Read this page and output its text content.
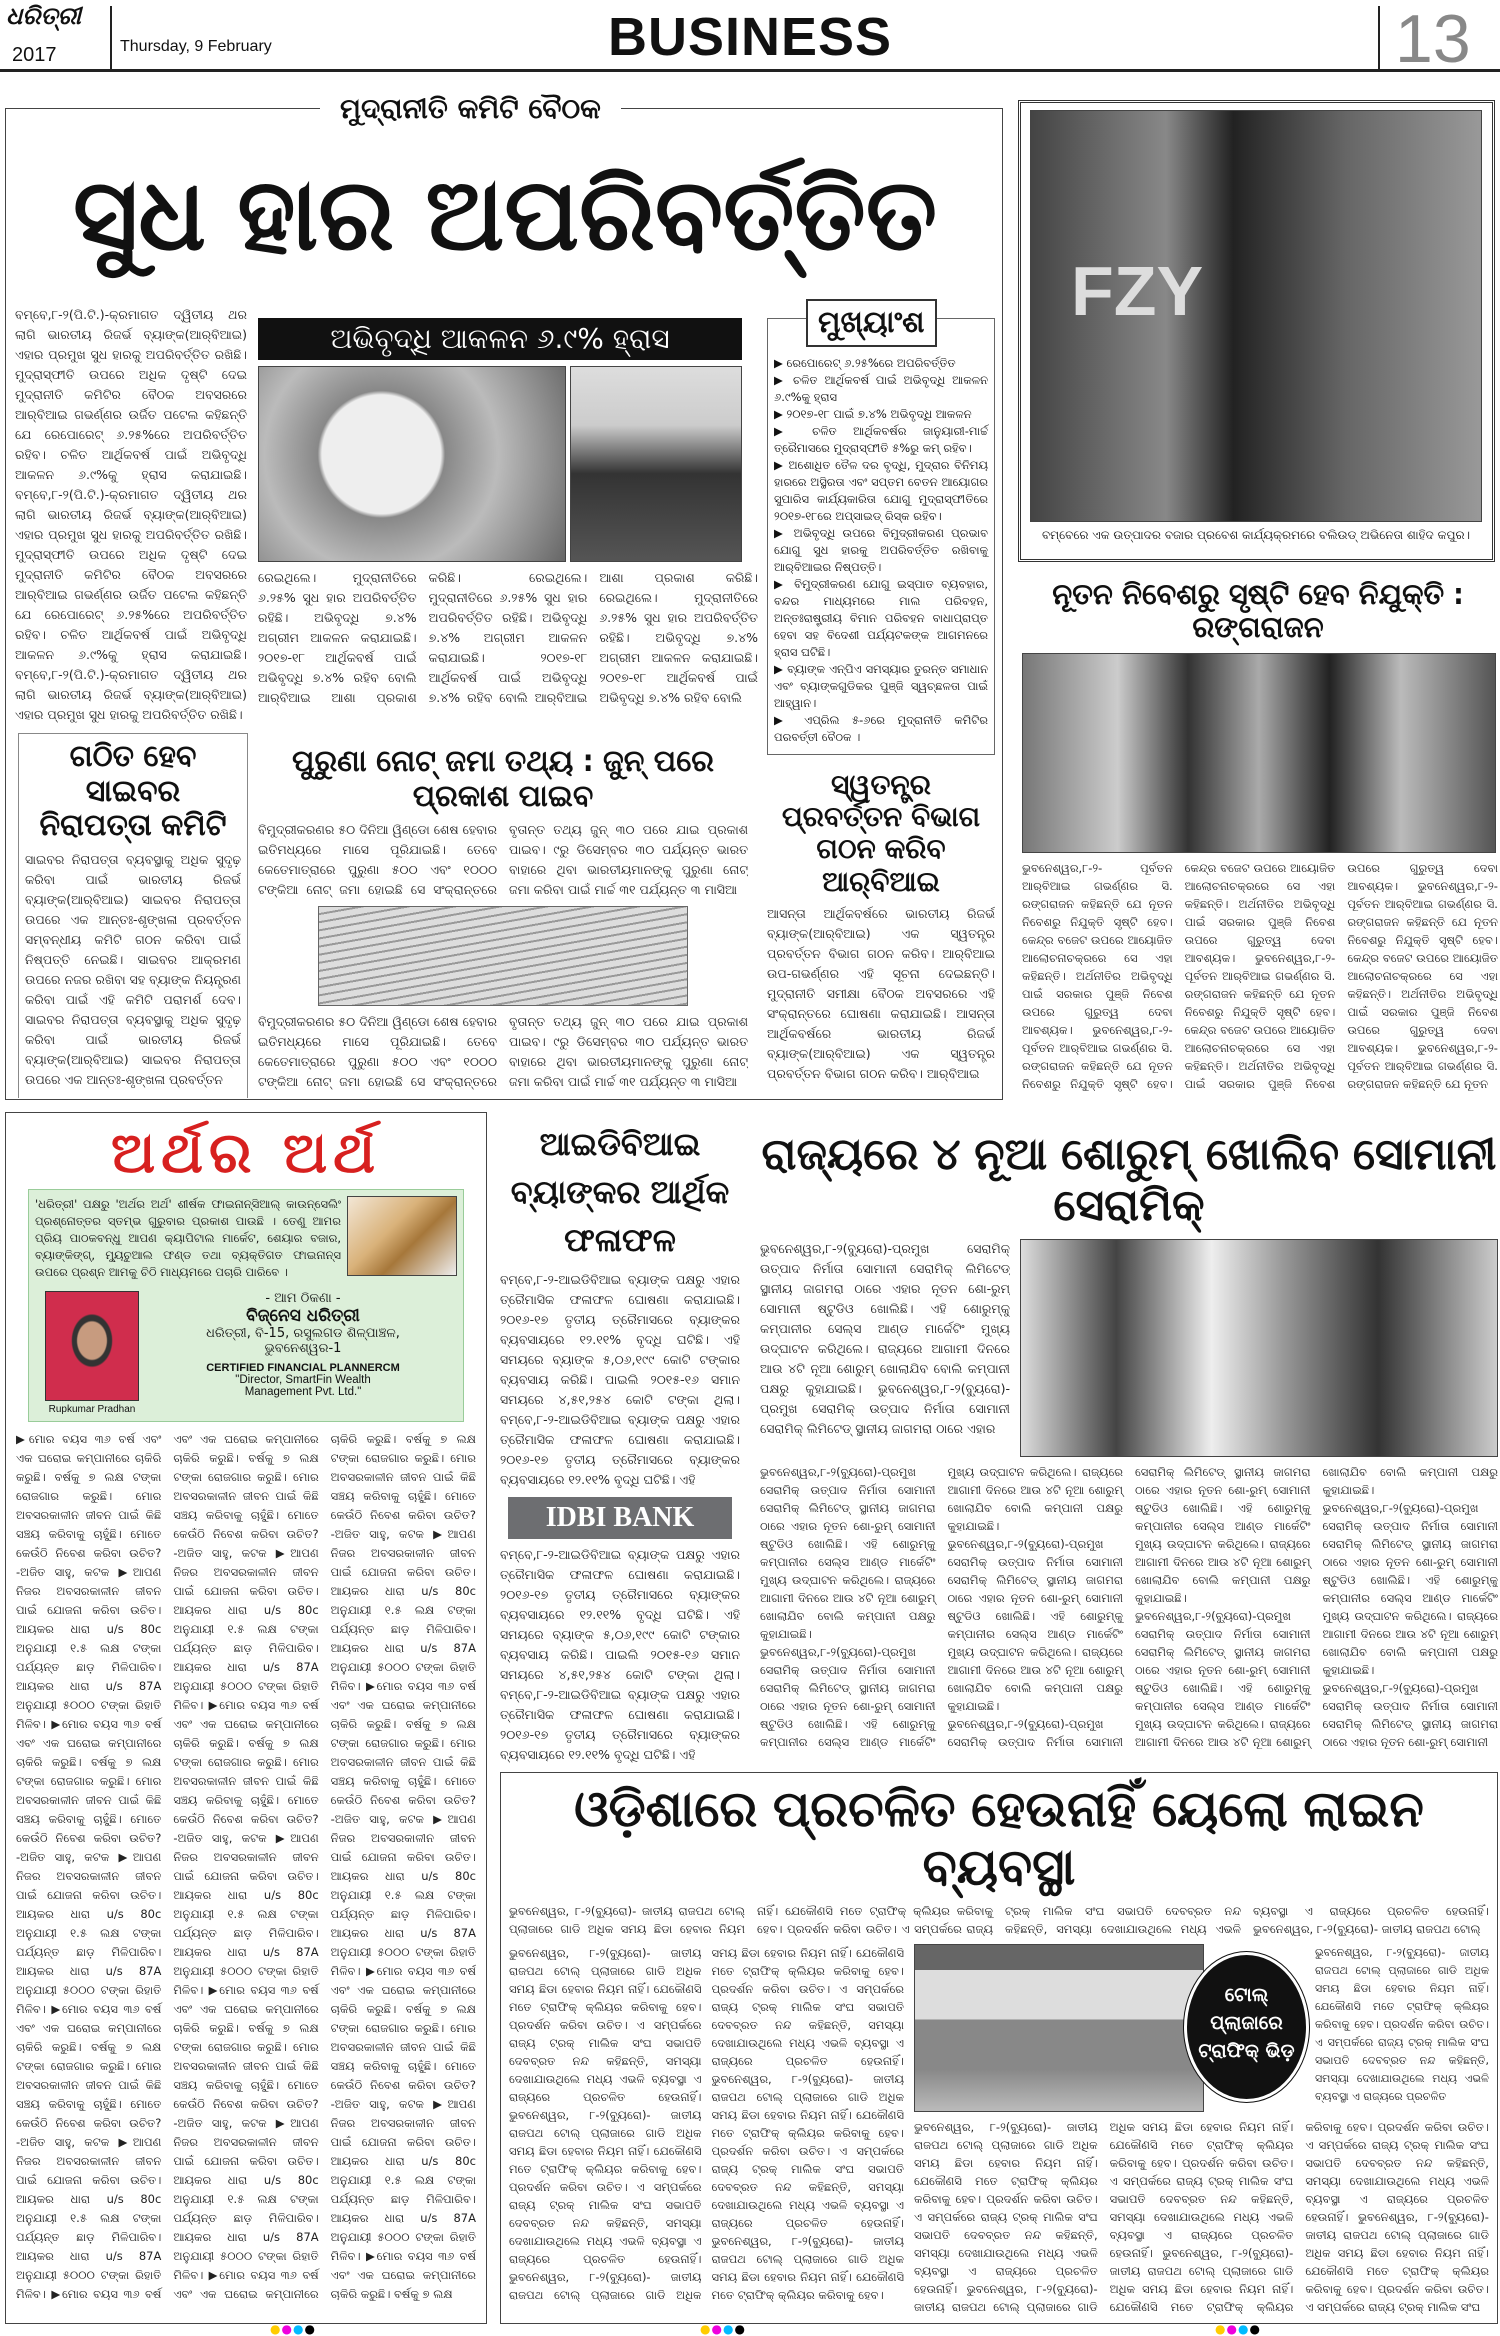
ଧରିତ୍ରୀ
2017	Thursday, 9 February	BUSINESS	13
ମୁଦ୍ରାନୀତି କମିଟି ବୈଠକ
ସୁଧ ହାର ଅପରିବର୍ତ୍ତିତ
ବମ୍ବେ,୮-୨(ପି.ଟି.)-କ୍ରମାଗତ ଦ୍ୱିତୀୟ ଥର ଲାଗି ଭାରତୀୟ ରିଜର୍ଭ ବ୍ୟାଙ୍କ(ଆର୍‌ବିଆଇ) ଏହାର ପ୍ରମୁଖ ସୁଧ ହାରକୁ ଅପରିବର୍ତ୍ତିତ ରଖିଛି। ମୁଦ୍ରାସ୍ଫୀତି ଉପରେ ଅଧିକ ଦୃଷ୍ଟି ଦେଇ ମୁଦ୍ରାନୀତି କମିଟିର ବୈଠକ ଅବସରରେ ଆର୍‌ବିଆଇ ଗଭର୍ଣ୍ଣର ଉର୍ଜିତ ପଟେଲ କହିଛନ୍ତି ଯେ ରେପୋରେଟ୍ ୬.୨୫%ରେ ଅପରିବର୍ତ୍ତିତ ରହିବ। ଚଳିତ ଆର୍ଥିକବର୍ଷ ପାଇଁ ଅଭିବୃଦ୍ଧି ଆକଳନ ୬.୯%କୁ ହ୍ରାସ କରାଯାଇଛି। ବମ୍ବେ,୮-୨(ପି.ଟି.)-କ୍ରମାଗତ ଦ୍ୱିତୀୟ ଥର ଲାଗି ଭାରତୀୟ ରିଜର୍ଭ ବ୍ୟାଙ୍କ(ଆର୍‌ବିଆଇ) ଏହାର ପ୍ରମୁଖ ସୁଧ ହାରକୁ ଅପରିବର୍ତ୍ତିତ ରଖିଛି। ମୁଦ୍ରାସ୍ଫୀତି ଉପରେ ଅଧିକ ଦୃଷ୍ଟି ଦେଇ ମୁଦ୍ରାନୀତି କମିଟିର ବୈଠକ ଅବସରରେ ଆର୍‌ବିଆଇ ଗଭର୍ଣ୍ଣର ଉର୍ଜିତ ପଟେଲ କହିଛନ୍ତି ଯେ ରେପୋରେଟ୍ ୬.୨୫%ରେ ଅପରିବର୍ତ୍ତିତ ରହିବ। ଚଳିତ ଆର୍ଥିକବର୍ଷ ପାଇଁ ଅଭିବୃଦ୍ଧି ଆକଳନ ୬.୯%କୁ ହ୍ରାସ କରାଯାଇଛି। ବମ୍ବେ,୮-୨(ପି.ଟି.)-କ୍ରମାଗତ ଦ୍ୱିତୀୟ ଥର ଲାଗି ଭାରତୀୟ ରିଜର୍ଭ ବ୍ୟାଙ୍କ(ଆର୍‌ବିଆଇ) ଏହାର ପ୍ରମୁଖ ସୁଧ ହାରକୁ ଅପରିବର୍ତ୍ତିତ ରଖିଛି।
ଅଭିବୃଦ୍ଧି ଆକଳନ ୬.୯% ହ୍ରାସ
ରେଇଥିଲେ। ମୁଦ୍ରାନୀତିରେ ୬.୨୫% ସୁଧ ହାର ଅପରିବର୍ତ୍ତିତ ରହିଛି। ଅଭିବୃଦ୍ଧି ୭.୪% ଅଗ୍ରୀମ ଆକଳନ କରାଯାଇଛି। ୨୦୧୭-୧୮ ଆର୍ଥିକବର୍ଷ ପାଇଁ ଅଭିବୃଦ୍ଧି ୭.୪% ରହିବ ବୋଲି ଆର୍‌ବିଆଇ ଆଶା ପ୍ରକାଶ କରିଛି। ରେଇଥିଲେ। ମୁଦ୍ରାନୀତିରେ ୬.୨୫% ସୁଧ ହାର ଅପରିବର୍ତ୍ତିତ ରହିଛି। ଅଭିବୃଦ୍ଧି ୭.୪% ଅଗ୍ରୀମ ଆକଳନ କରାଯାଇଛି। ୨୦୧୭-୧୮ ଆର୍ଥିକବର୍ଷ ପାଇଁ ଅଭିବୃଦ୍ଧି ୭.୪% ରହିବ ବୋଲି ଆର୍‌ବିଆଇ ଆଶା ପ୍ରକାଶ କରିଛି। ରେଇଥିଲେ। ମୁଦ୍ରାନୀତିରେ ୬.୨୫% ସୁଧ ହାର ଅପରିବର୍ତ୍ତିତ ରହିଛି। ଅଭିବୃଦ୍ଧି ୭.୪% ଅଗ୍ରୀମ ଆକଳନ କରାଯାଇଛି। ୨୦୧୭-୧୮ ଆର୍ଥିକବର୍ଷ ପାଇଁ ଅଭିବୃଦ୍ଧି ୭.୪% ରହିବ ବୋଲି
ମୁଖ୍ୟାଂଶ
▶ ରେପୋରେଟ୍ ୬.୨୫%ରେ ଅପରିବର୍ତ୍ତିତ
▶ ଚଳିତ ଆର୍ଥିକବର୍ଷ ପାଇଁ ଅଭିବୃଦ୍ଧି ଆକଳନ ୬.୯%କୁ ହ୍ରାସ
▶ ୨୦୧୭-୧୮ ପାଇଁ ୭.୪% ଅଭିବୃଦ୍ଧି ଆକଳନ
▶ ଚଳିତ ଆର୍ଥିକବର୍ଷର ଜାନୁୟାରୀ-ମାର୍ଚ୍ଚ ତ୍ରୈମାସରେ ମୁଦ୍ରାସ୍ଫୀତି ୫%ରୁ କମ୍ ରହିବ।
▶ ଅଶୋଧିତ ତୈଳ ଦର ବୃଦ୍ଧି, ମୁଦ୍ରାର ବିନିମୟ ହାରରେ ଅସ୍ଥିରତା ଏବଂ ସପ୍ତମ ବେତନ ଆୟୋଗର ସୁପାରିସ କାର୍ଯ୍ୟକାରିତା ଯୋଗୁ ମୁଦ୍ରାସ୍ଫୀତିରେ ୨୦୧୭-୧୮ରେ ଅପ୍‌ସାଇଡ୍ ରିସ୍କ ରହିବ।
▶ ଅଭିବୃଦ୍ଧି ଉପରେ ବିମୁଦ୍ରୀକରଣ ପ୍ରଭାବ ଯୋଗୁ ସୁଧ ହାରକୁ ଅପରିବର୍ତ୍ତିତ ରଖିବାକୁ ଆର୍‌ବିଆଇର ନିଷ୍ପତ୍ତି।
▶ ବିମୁଦ୍ରୀକରଣ ଯୋଗୁ ଇସ୍ପାତ ବ୍ୟବହାର, ବନ୍ଦର ମାଧ୍ୟମରେ ମାଲ ପରିବହନ, ଅନ୍ତଃରାଷ୍ଟ୍ରୀୟ ବିମାନ ପରିବହନ ବାଧାପ୍ରାପ୍ତ ହେବା ସହ ବିଦେଶୀ ପର୍ଯ୍ୟଟକଙ୍କ ଆଗମନରେ ହ୍ରାସ ଘଟିଛି।
▶ ବ୍ୟାଙ୍କ ଏନ୍‌ପିଏ ସମସ୍ୟାର ତୁରନ୍ତ ସମାଧାନ ଏବଂ ବ୍ୟାଙ୍କଗୁଡିକର ପୁଞ୍ଜି ସ୍ୱଚ୍ଛଳତା ପାଇଁ ଆହ୍ୱାନ।
▶ ଏପ୍ରିଲ ୫-୬ରେ ମୁଦ୍ରାନୀତି କମିଟିର ପରବର୍ତ୍ତୀ ବୈଠକ ।
ସ୍ୱତନ୍ତ୍ର ପ୍ରବର୍ତ୍ତନ ବିଭାଗ ଗଠନ କରିବ ଆର୍‌ବିଆଇ
ଆସନ୍ତା ଆର୍ଥିକବର୍ଷରେ ଭାରତୀୟ ରିଜର୍ଭ ବ୍ୟାଙ୍କ(ଆର୍‌ବିଆଇ) ଏକ ସ୍ୱତନ୍ତ୍ର ପ୍ରବର୍ତ୍ତନ ବିଭାଗ ଗଠନ କରିବ। ଆର୍‌ବିଆଇ ଉପ-ଗଭର୍ଣ୍ଣର ଏହି ସୂଚନା ଦେଇଛନ୍ତି। ମୁଦ୍ରାନୀତି ସମୀକ୍ଷା ବୈଠକ ଅବସରରେ ଏହି ସଂକ୍ରାନ୍ତରେ ଘୋଷଣା କରାଯାଇଛି। ଆସନ୍ତା ଆର୍ଥିକବର୍ଷରେ ଭାରତୀୟ ରିଜର୍ଭ ବ୍ୟାଙ୍କ(ଆର୍‌ବିଆଇ) ଏକ ସ୍ୱତନ୍ତ୍ର ପ୍ରବର୍ତ୍ତନ ବିଭାଗ ଗଠନ କରିବ। ଆର୍‌ବିଆଇ
ଗଠିତ ହେବ ସାଇବର ନିରାପତ୍ତା କମିଟି
ସାଇବର ନିରାପତ୍ତା ବ୍ୟବସ୍ଥାକୁ ଅଧିକ ସୁଦୃଢ଼ କରିବା ପାଇଁ ଭାରତୀୟ ରିଜର୍ଭ ବ୍ୟାଙ୍କ(ଆର୍‌ବିଆଇ) ସାଇବର ନିରାପତ୍ତା ଉପରେ ଏକ ଆନ୍ତଃ-ଶୃଙ୍ଖଳା ପ୍ରବର୍ତ୍ତନ ସମ୍ବନ୍ଧୀୟ କମିଟି ଗଠନ କରିବା ପାଇଁ ନିଷ୍ପତ୍ତି ନେଇଛି। ସାଇବର ଆକ୍ରମଣ ଉପରେ ନଜର ରଖିବା ସହ ବ୍ୟାଙ୍କ ନିୟନ୍ତ୍ରଣ କରିବା ପାଇଁ ଏହି କମିଟି ପରାମର୍ଶ ଦେବ। ସାଇବର ନିରାପତ୍ତା ବ୍ୟବସ୍ଥାକୁ ଅଧିକ ସୁଦୃଢ଼ କରିବା ପାଇଁ ଭାରତୀୟ ରିଜର୍ଭ ବ୍ୟାଙ୍କ(ଆର୍‌ବିଆଇ) ସାଇବର ନିରାପତ୍ତା ଉପରେ ଏକ ଆନ୍ତଃ-ଶୃଙ୍ଖଳା ପ୍ରବର୍ତ୍ତନ
ପୁରୁଣା ନୋଟ୍ ଜମା ତଥ୍ୟ : ଜୁନ୍ ପରେ ପ୍ରକାଶ ପାଇବ
ବିମୁଦ୍ରୀକରଣର ୫୦ ଦିନିଆ ୱିଣ୍ଡୋ ଶେଷ ହେବାର ଇତିମଧ୍ୟରେ ମାସେ ପୂରିଯାଇଛି। ତେବେ କେତେମାତ୍ରାରେ ପୁରୁଣା ୫୦୦ ଏବଂ ୧୦୦୦ ଟଙ୍କିଆ ନୋଟ୍ ଜମା ହୋଇଛି ସେ ସଂକ୍ରାନ୍ତରେ ବୃତାନ୍ତ ତଥ୍ୟ ଜୁନ୍ ୩୦ ପରେ ଯାଇ ପ୍ରକାଶ ପାଇବ। ୯ରୁ ଡିସେମ୍ବର ୩୦ ପର୍ଯ୍ୟନ୍ତ ଭାରତ ବାହାରେ ଥିବା ଭାରତୀୟମାନଙ୍କୁ ପୁରୁଣା ନୋଟ୍ ଜମା କରିବା ପାଇଁ ମାର୍ଚ୍ଚ ୩୧ ପର୍ଯ୍ୟନ୍ତ ୩ ମାସିଆ
ବିମୁଦ୍ରୀକରଣର ୫୦ ଦିନିଆ ୱିଣ୍ଡୋ ଶେଷ ହେବାର ଇତିମଧ୍ୟରେ ମାସେ ପୂରିଯାଇଛି। ତେବେ କେତେମାତ୍ରାରେ ପୁରୁଣା ୫୦୦ ଏବଂ ୧୦୦୦ ଟଙ୍କିଆ ନୋଟ୍ ଜମା ହୋଇଛି ସେ ସଂକ୍ରାନ୍ତରେ ବୃତାନ୍ତ ତଥ୍ୟ ଜୁନ୍ ୩୦ ପରେ ଯାଇ ପ୍ରକାଶ ପାଇବ। ୯ରୁ ଡିସେମ୍ବର ୩୦ ପର୍ଯ୍ୟନ୍ତ ଭାରତ ବାହାରେ ଥିବା ଭାରତୀୟମାନଙ୍କୁ ପୁରୁଣା ନୋଟ୍ ଜମା କରିବା ପାଇଁ ମାର୍ଚ୍ଚ ୩୧ ପର୍ଯ୍ୟନ୍ତ ୩ ମାସିଆ
FZY
ବମ୍ବେରେ ଏକ ଉତ୍ପାଦର ବଜାର ପ୍ରବେଶ କାର୍ଯ୍ୟକ୍ରମରେ ବଲିଉଡ୍ ଅଭିନେତା ଶାହିଦ କପୁର।
ନୂତନ ନିବେଶରୁ ସୃଷ୍ଟି ହେବ ନିଯୁକ୍ତି : ରଙ୍ଗରାଜନ
ଭୁବନେଶ୍ୱର,୮-୨- ପୂର୍ବତନ ଆର୍‌ବିଆଇ ଗଭର୍ଣ୍ଣର ସି. ରଙ୍ଗରାଜନ କହିଛନ୍ତି ଯେ ନୂତନ ନିବେଶରୁ ନିଯୁକ୍ତି ସୃଷ୍ଟି ହେବ। କେନ୍ଦ୍ର ବଜେଟ ଉପରେ ଆୟୋଜିତ ଆଲୋଚନାଚକ୍ରରେ ସେ ଏହା କହିଛନ୍ତି। ଅର୍ଥନୀତିର ଅଭିବୃଦ୍ଧି ପାଇଁ ସରକାର ପୁଞ୍ଜି ନିବେଶ ଉପରେ ଗୁରୁତ୍ୱ ଦେବା ଆବଶ୍ୟକ। ଭୁବନେଶ୍ୱର,୮-୨- ପୂର୍ବତନ ଆର୍‌ବିଆଇ ଗଭର୍ଣ୍ଣର ସି. ରଙ୍ଗରାଜନ କହିଛନ୍ତି ଯେ ନୂତନ ନିବେଶରୁ ନିଯୁକ୍ତି ସୃଷ୍ଟି ହେବ। କେନ୍ଦ୍ର ବଜେଟ ଉପରେ ଆୟୋଜିତ ଆଲୋଚନାଚକ୍ରରେ ସେ ଏହା କହିଛନ୍ତି। ଅର୍ଥନୀତିର ଅଭିବୃଦ୍ଧି ପାଇଁ ସରକାର ପୁଞ୍ଜି ନିବେଶ ଉପରେ ଗୁରୁତ୍ୱ ଦେବା ଆବଶ୍ୟକ। ଭୁବନେଶ୍ୱର,୮-୨- ପୂର୍ବତନ ଆର୍‌ବିଆଇ ଗଭର୍ଣ୍ଣର ସି. ରଙ୍ଗରାଜନ କହିଛନ୍ତି ଯେ ନୂତନ ନିବେଶରୁ ନିଯୁକ୍ତି ସୃଷ୍ଟି ହେବ। କେନ୍ଦ୍ର ବଜେଟ ଉପରେ ଆୟୋଜିତ ଆଲୋଚନାଚକ୍ରରେ ସେ ଏହା କହିଛନ୍ତି। ଅର୍ଥନୀତିର ଅଭିବୃଦ୍ଧି ପାଇଁ ସରକାର ପୁଞ୍ଜି ନିବେଶ ଉପରେ ଗୁରୁତ୍ୱ ଦେବା ଆବଶ୍ୟକ। ଭୁବନେଶ୍ୱର,୮-୨- ପୂର୍ବତନ ଆର୍‌ବିଆଇ ଗଭର୍ଣ୍ଣର ସି. ରଙ୍ଗରାଜନ କହିଛନ୍ତି ଯେ ନୂତନ ନିବେଶରୁ ନିଯୁକ୍ତି ସୃଷ୍ଟି ହେବ। କେନ୍ଦ୍ର ବଜେଟ ଉପରେ ଆୟୋଜିତ ଆଲୋଚନାଚକ୍ରରେ ସେ ଏହା କହିଛନ୍ତି। ଅର୍ଥନୀତିର ଅଭିବୃଦ୍ଧି ପାଇଁ ସରକାର ପୁଞ୍ଜି ନିବେଶ ଉପରେ ଗୁରୁତ୍ୱ ଦେବା ଆବଶ୍ୟକ। ଭୁବନେଶ୍ୱର,୮-୨- ପୂର୍ବତନ ଆର୍‌ବିଆଇ ଗଭର୍ଣ୍ଣର ସି. ରଙ୍ଗରାଜନ କହିଛନ୍ତି ଯେ ନୂତନ
ଅର୍ଥର ଅର୍ଥ
'ଧରିତ୍ରୀ' ପକ୍ଷରୁ 'ଅର୍ଥର ଅର୍ଥ' ଶୀର୍ଷକ ଫାଇନାନ୍ସିଆଲ୍ କାଉନ୍‌ସେଲିଂ ପ୍ରଶ୍ନୋତ୍ତର ସ୍ତମ୍ଭ ଗୁରୁବାର ପ୍ରକାଶ ପାଉଛି । ତେଣୁ ଆମର ପ୍ରିୟ ପାଠକବନ୍ଧୁ ଆପଣ କ୍ୟାପିଟାଲ ମାର୍କେଟ, ଶେୟାର ବଜାର, ବ୍ୟାଙ୍କିଙ୍ଗ୍, ମ୍ୟୁଚୁଆଲ ଫଣ୍ଡ ତଥା ବ୍ୟକ୍ତିଗତ ଫାଇନାନ୍ସ ଉପରେ ପ୍ରଶ୍ନ ଆମକୁ ଚିଠି ମାଧ୍ୟମରେ ପଚାରି ପାରିବେ ।
Rupkumar Pradhan
- ଆମ ଠିକଣା -
ବିଜ୍‌ନେସ ଧରିତ୍ରୀ
ଧରିତ୍ରୀ, ବି-15, ରସୁଲଗଡ ଶିଳ୍ପାଞ୍ଚଳ,
ଭୁବନେଶ୍ୱର-1
CERTIFIED FINANCIAL PLANNERCM
"Director, SmartFin Wealth
Management Pvt. Ltd."
▶ମୋର ବୟସ ୩୬ ବର୍ଷ ଏବଂ ଏକ ଘରୋଇ କମ୍ପାନୀରେ ଚାକିରି କରୁଛି। ବର୍ଷକୁ ୭ ଲକ୍ଷ ଟଙ୍କା ରୋଜଗାର କରୁଛି। ମୋର ଅବସରକାଳୀନ ଜୀବନ ପାଇଁ କିଛି ସଞ୍ଚୟ କରିବାକୁ ଚାହୁଁଛି। ମୋତେ କେଉଁଠି ନିବେଶ କରିବା ଉଚିତ? -ଅଜିତ ସାହୁ, କଟକ ▶ଆପଣ ନିଜର ଅବସରକାଳୀନ ଜୀବନ ପାଇଁ ଯୋଜନା କରିବା ଉଚିତ। ଆୟକର ଧାରା u/s 80c ଅନୁଯାୟୀ ୧.୫ ଲକ୍ଷ ଟଙ୍କା ପର୍ଯ୍ୟନ୍ତ ଛାଡ଼ ମିଳିପାରିବ। ଆୟକର ଧାରା u/s 87A ଅନୁଯାୟୀ ୫୦୦୦ ଟଙ୍କା ରିହାତି ମିଳିବ। ▶ମୋର ବୟସ ୩୬ ବର୍ଷ ଏବଂ ଏକ ଘରୋଇ କମ୍ପାନୀରେ ଚାକିରି କରୁଛି। ବର୍ଷକୁ ୭ ଲକ୍ଷ ଟଙ୍କା ରୋଜଗାର କରୁଛି। ମୋର ଅବସରକାଳୀନ ଜୀବନ ପାଇଁ କିଛି ସଞ୍ଚୟ କରିବାକୁ ଚାହୁଁଛି। ମୋତେ କେଉଁଠି ନିବେଶ କରିବା ଉଚିତ? -ଅଜିତ ସାହୁ, କଟକ ▶ଆପଣ ନିଜର ଅବସରକାଳୀନ ଜୀବନ ପାଇଁ ଯୋଜନା କରିବା ଉଚିତ। ଆୟକର ଧାରା u/s 80c ଅନୁଯାୟୀ ୧.୫ ଲକ୍ଷ ଟଙ୍କା ପର୍ଯ୍ୟନ୍ତ ଛାଡ଼ ମିଳିପାରିବ। ଆୟକର ଧାରା u/s 87A ଅନୁଯାୟୀ ୫୦୦୦ ଟଙ୍କା ରିହାତି ମିଳିବ। ▶ମୋର ବୟସ ୩୬ ବର୍ଷ ଏବଂ ଏକ ଘରୋଇ କମ୍ପାନୀରେ ଚାକିରି କରୁଛି। ବର୍ଷକୁ ୭ ଲକ୍ଷ ଟଙ୍କା ରୋଜଗାର କରୁଛି। ମୋର ଅବସରକାଳୀନ ଜୀବନ ପାଇଁ କିଛି ସଞ୍ଚୟ କରିବାକୁ ଚାହୁଁଛି। ମୋତେ କେଉଁଠି ନିବେଶ କରିବା ଉଚିତ? -ଅଜିତ ସାହୁ, କଟକ ▶ଆପଣ ନିଜର ଅବସରକାଳୀନ ଜୀବନ ପାଇଁ ଯୋଜନା କରିବା ଉଚିତ। ଆୟକର ଧାରା u/s 80c ଅନୁଯାୟୀ ୧.୫ ଲକ୍ଷ ଟଙ୍କା ପର୍ଯ୍ୟନ୍ତ ଛାଡ଼ ମିଳିପାରିବ। ଆୟକର ଧାରା u/s 87A ଅନୁଯାୟୀ ୫୦୦୦ ଟଙ୍କା ରିହାତି ମିଳିବ। ▶ମୋର ବୟସ ୩୬ ବର୍ଷ ଏବଂ ଏକ ଘରୋଇ କମ୍ପାନୀରେ ଚାକିରି କରୁଛି। ବର୍ଷକୁ ୭ ଲକ୍ଷ ଟଙ୍କା ରୋଜଗାର କରୁଛି। ମୋର ଅବସରକାଳୀନ ଜୀବନ ପାଇଁ କିଛି ସଞ୍ଚୟ କରିବାକୁ ଚାହୁଁଛି। ମୋତେ କେଉଁଠି ନିବେଶ କରିବା ଉଚିତ? -ଅଜିତ ସାହୁ, କଟକ ▶ଆପଣ ନିଜର ଅବସରକାଳୀନ ଜୀବନ ପାଇଁ ଯୋଜନା କରିବା ଉଚିତ। ଆୟକର ଧାରା u/s 80c ଅନୁଯାୟୀ ୧.୫ ଲକ୍ଷ ଟଙ୍କା ପର୍ଯ୍ୟନ୍ତ ଛାଡ଼ ମିଳିପାରିବ। ଆୟକର ଧାରା u/s 87A ଅନୁଯାୟୀ ୫୦୦୦ ଟଙ୍କା ରିହାତି ମିଳିବ। ▶ମୋର ବୟସ ୩୬ ବର୍ଷ ଏବଂ ଏକ ଘରୋଇ କମ୍ପାନୀରେ ଚାକିରି କରୁଛି। ବର୍ଷକୁ ୭ ଲକ୍ଷ ଟଙ୍କା ରୋଜଗାର କରୁଛି। ମୋର ଅବସରକାଳୀନ ଜୀବନ ପାଇଁ କିଛି ସଞ୍ଚୟ କରିବାକୁ ଚାହୁଁଛି। ମୋତେ କେଉଁଠି ନିବେଶ କରିବା ଉଚିତ? -ଅଜିତ ସାହୁ, କଟକ ▶ଆପଣ ନିଜର ଅବସରକାଳୀନ ଜୀବନ ପାଇଁ ଯୋଜନା କରିବା ଉଚିତ। ଆୟକର ଧାରା u/s 80c ଅନୁଯାୟୀ ୧.୫ ଲକ୍ଷ ଟଙ୍କା ପର୍ଯ୍ୟନ୍ତ ଛାଡ଼ ମିଳିପାରିବ। ଆୟକର ଧାରା u/s 87A ଅନୁଯାୟୀ ୫୦୦୦ ଟଙ୍କା ରିହାତି ମିଳିବ। ▶ମୋର ବୟସ ୩୬ ବର୍ଷ ଏବଂ ଏକ ଘରୋଇ କମ୍ପାନୀରେ ଚାକିରି କରୁଛି। ବର୍ଷକୁ ୭ ଲକ୍ଷ ଟଙ୍କା ରୋଜଗାର କରୁଛି। ମୋର ଅବସରକାଳୀନ ଜୀବନ ପାଇଁ କିଛି ସଞ୍ଚୟ କରିବାକୁ ଚାହୁଁଛି। ମୋତେ କେଉଁଠି ନିବେଶ କରିବା ଉଚିତ? -ଅଜିତ ସାହୁ, କଟକ ▶ଆପଣ ନିଜର ଅବସରକାଳୀନ ଜୀବନ ପାଇଁ ଯୋଜନା କରିବା ଉଚିତ। ଆୟକର ଧାରା u/s 80c ଅନୁଯାୟୀ ୧.୫ ଲକ୍ଷ ଟଙ୍କା ପର୍ଯ୍ୟନ୍ତ ଛାଡ଼ ମିଳିପାରିବ। ଆୟକର ଧାରା u/s 87A ଅନୁଯାୟୀ ୫୦୦୦ ଟଙ୍କା ରିହାତି ମିଳିବ। ▶ମୋର ବୟସ ୩୬ ବର୍ଷ ଏବଂ ଏକ ଘରୋଇ କମ୍ପାନୀରେ ଚାକିରି କରୁଛି। ବର୍ଷକୁ ୭ ଲକ୍ଷ ଟଙ୍କା ରୋଜଗାର କରୁଛି। ମୋର ଅବସରକାଳୀନ ଜୀବନ ପାଇଁ କିଛି ସଞ୍ଚୟ କରିବାକୁ ଚାହୁଁଛି। ମୋତେ କେଉଁଠି ନିବେଶ କରିବା ଉଚିତ? -ଅଜିତ ସାହୁ, କଟକ ▶ଆପଣ ନିଜର ଅବସରକାଳୀନ ଜୀବନ ପାଇଁ ଯୋଜନା କରିବା ଉଚିତ। ଆୟକର ଧାରା u/s 80c ଅନୁଯାୟୀ ୧.୫ ଲକ୍ଷ ଟଙ୍କା ପର୍ଯ୍ୟନ୍ତ ଛାଡ଼ ମିଳିପାରିବ। ଆୟକର ଧାରା u/s 87A ଅନୁଯାୟୀ ୫୦୦୦ ଟଙ୍କା ରିହାତି ମିଳିବ। ▶ମୋର ବୟସ ୩୬ ବର୍ଷ ଏବଂ ଏକ ଘରୋଇ କମ୍ପାନୀରେ ଚାକିରି କରୁଛି। ବର୍ଷକୁ ୭ ଲକ୍ଷ ଟଙ୍କା ରୋଜଗାର କରୁଛି। ମୋର ଅବସରକାଳୀନ ଜୀବନ ପାଇଁ କିଛି ସଞ୍ଚୟ କରିବାକୁ ଚାହୁଁଛି। ମୋତେ କେଉଁଠି ନିବେଶ କରିବା ଉଚିତ? -ଅଜିତ ସାହୁ, କଟକ ▶ଆପଣ ନିଜର ଅବସରକାଳୀନ ଜୀବନ ପାଇଁ ଯୋଜନା କରିବା ଉଚିତ। ଆୟକର ଧାରା u/s 80c ଅନୁଯାୟୀ ୧.୫ ଲକ୍ଷ ଟଙ୍କା ପର୍ଯ୍ୟନ୍ତ ଛାଡ଼ ମିଳିପାରିବ। ଆୟକର ଧାରା u/s 87A ଅନୁଯାୟୀ ୫୦୦୦ ଟଙ୍କା ରିହାତି ମିଳିବ। ▶ମୋର ବୟସ ୩୬ ବର୍ଷ ଏବଂ ଏକ ଘରୋଇ କମ୍ପାନୀରେ ଚାକିରି କରୁଛି। ବର୍ଷକୁ ୭ ଲକ୍ଷ ଟଙ୍କା ରୋଜଗାର କରୁଛି। ମୋର ଅବସରକାଳୀନ ଜୀବନ ପାଇଁ କିଛି ସଞ୍ଚୟ କରିବାକୁ ଚାହୁଁଛି। ମୋତେ କେଉଁଠି ନିବେଶ କରିବା ଉଚିତ? -ଅଜିତ ସାହୁ, କଟକ ▶ଆପଣ ନିଜର ଅବସରକାଳୀନ ଜୀବନ ପାଇଁ ଯୋଜନା କରିବା ଉଚିତ। ଆୟକର ଧାରା u/s 80c ଅନୁଯାୟୀ ୧.୫ ଲକ୍ଷ ଟଙ୍କା ପର୍ଯ୍ୟନ୍ତ ଛାଡ଼ ମିଳିପାରିବ। ଆୟକର ଧାରା u/s 87A ଅନୁଯାୟୀ ୫୦୦୦ ଟଙ୍କା ରିହାତି ମିଳିବ। ▶ମୋର ବୟସ ୩୬ ବର୍ଷ ଏବଂ ଏକ ଘରୋଇ କମ୍ପାନୀରେ ଚାକିରି କରୁଛି। ବର୍ଷକୁ ୭ ଲକ୍ଷ
ଆଇଡିବିଆଇ ବ୍ୟାଙ୍କର ଆର୍ଥିକ ଫଳାଫଳ
ବମ୍ବେ,୮-୨-ଆଇଡିବିଆଇ ବ୍ୟାଙ୍କ ପକ୍ଷରୁ ଏହାର ତ୍ରୈମାସିକ ଫଳାଫଳ ଘୋଷଣା କରାଯାଇଛି। ୨୦୧୬-୧୭ ତୃତୀୟ ତ୍ରୈମାସରେ ବ୍ୟାଙ୍କର ବ୍ୟବସାୟରେ ୧୨.୧୧% ବୃଦ୍ଧି ଘଟିଛି। ଏହି ସମୟରେ ବ୍ୟାଙ୍କ ୫,୦୬,୧୯୯ କୋଟି ଟଙ୍କାର ବ୍ୟବସାୟ କରିଛି। ପାଇଲି ୨୦୧୫-୧୬ ସମାନ ସମୟରେ ୪,୫୧,୨୫୪ କୋଟି ଟଙ୍କା ଥିଲା। ବମ୍ବେ,୮-୨-ଆଇଡିବିଆଇ ବ୍ୟାଙ୍କ ପକ୍ଷରୁ ଏହାର ତ୍ରୈମାସିକ ଫଳାଫଳ ଘୋଷଣା କରାଯାଇଛି। ୨୦୧୬-୧୭ ତୃତୀୟ ତ୍ରୈମାସରେ ବ୍ୟାଙ୍କର ବ୍ୟବସାୟରେ ୧୨.୧୧% ବୃଦ୍ଧି ଘଟିଛି। ଏହି
IDBI BANK
ବମ୍ବେ,୮-୨-ଆଇଡିବିଆଇ ବ୍ୟାଙ୍କ ପକ୍ଷରୁ ଏହାର ତ୍ରୈମାସିକ ଫଳାଫଳ ଘୋଷଣା କରାଯାଇଛି। ୨୦୧୬-୧୭ ତୃତୀୟ ତ୍ରୈମାସରେ ବ୍ୟାଙ୍କର ବ୍ୟବସାୟରେ ୧୨.୧୧% ବୃଦ୍ଧି ଘଟିଛି। ଏହି ସମୟରେ ବ୍ୟାଙ୍କ ୫,୦୬,୧୯୯ କୋଟି ଟଙ୍କାର ବ୍ୟବସାୟ କରିଛି। ପାଇଲି ୨୦୧୫-୧୬ ସମାନ ସମୟରେ ୪,୫୧,୨୫୪ କୋଟି ଟଙ୍କା ଥିଲା। ବମ୍ବେ,୮-୨-ଆଇଡିବିଆଇ ବ୍ୟାଙ୍କ ପକ୍ଷରୁ ଏହାର ତ୍ରୈମାସିକ ଫଳାଫଳ ଘୋଷଣା କରାଯାଇଛି। ୨୦୧୬-୧୭ ତୃତୀୟ ତ୍ରୈମାସରେ ବ୍ୟାଙ୍କର ବ୍ୟବସାୟରେ ୧୨.୧୧% ବୃଦ୍ଧି ଘଟିଛି। ଏହି
ରାଜ୍ୟରେ ୪ ନୂଆ ଶୋରୁମ୍ ଖୋଲିବ ସୋମାନୀ ସେରାମିକ୍
ଭୁବନେଶ୍ୱର,୮-୨(ବ୍ୟୁରୋ)-ପ୍ରମୁଖ ସେରାମିକ୍ ଉତ୍ପାଦ ନିର୍ମାତା ସୋମାନୀ ସେରାମିକ୍ ଲିମିଟେଡ୍ ସ୍ଥାନୀୟ ଜାଗମରା ଠାରେ ଏହାର ନୂତନ ଶୋ-ରୁମ୍ ସୋମାନୀ ଷ୍ଟୁଡିଓ ଖୋଲିଛି। ଏହି ଶୋରୁମ୍‌କୁ କମ୍ପାନୀର ସେଲ୍ସ ଆଣ୍ଡ ମାର୍କେଟିଂ ମୁଖ୍ୟ ଉଦ୍‌ଘାଟନ କରିଥିଲେ। ରାଜ୍ୟରେ ଆଗାମୀ ଦିନରେ ଆଉ ୪ଟି ନୂଆ ଶୋରୁମ୍ ଖୋଲାଯିବ ବୋଲି କମ୍ପାନୀ ପକ୍ଷରୁ କୁହାଯାଇଛି। ଭୁବନେଶ୍ୱର,୮-୨(ବ୍ୟୁରୋ)-ପ୍ରମୁଖ ସେରାମିକ୍ ଉତ୍ପାଦ ନିର୍ମାତା ସୋମାନୀ ସେରାମିକ୍ ଲିମିଟେଡ୍ ସ୍ଥାନୀୟ ଜାଗମରା ଠାରେ ଏହାର
ଭୁବନେଶ୍ୱର,୮-୨(ବ୍ୟୁରୋ)-ପ୍ରମୁଖ ସେରାମିକ୍ ଉତ୍ପାଦ ନିର୍ମାତା ସୋମାନୀ ସେରାମିକ୍ ଲିମିଟେଡ୍ ସ୍ଥାନୀୟ ଜାଗମରା ଠାରେ ଏହାର ନୂତନ ଶୋ-ରୁମ୍ ସୋମାନୀ ଷ୍ଟୁଡିଓ ଖୋଲିଛି। ଏହି ଶୋରୁମ୍‌କୁ କମ୍ପାନୀର ସେଲ୍ସ ଆଣ୍ଡ ମାର୍କେଟିଂ ମୁଖ୍ୟ ଉଦ୍‌ଘାଟନ କରିଥିଲେ। ରାଜ୍ୟରେ ଆଗାମୀ ଦିନରେ ଆଉ ୪ଟି ନୂଆ ଶୋରୁମ୍ ଖୋଲାଯିବ ବୋଲି କମ୍ପାନୀ ପକ୍ଷରୁ କୁହାଯାଇଛି। ଭୁବନେଶ୍ୱର,୮-୨(ବ୍ୟୁରୋ)-ପ୍ରମୁଖ ସେରାମିକ୍ ଉତ୍ପାଦ ନିର୍ମାତା ସୋମାନୀ ସେରାମିକ୍ ଲିମିଟେଡ୍ ସ୍ଥାନୀୟ ଜାଗମରା ଠାରେ ଏହାର ନୂତନ ଶୋ-ରୁମ୍ ସୋମାନୀ ଷ୍ଟୁଡିଓ ଖୋଲିଛି। ଏହି ଶୋରୁମ୍‌କୁ କମ୍ପାନୀର ସେଲ୍ସ ଆଣ୍ଡ ମାର୍କେଟିଂ ମୁଖ୍ୟ ଉଦ୍‌ଘାଟନ କରିଥିଲେ। ରାଜ୍ୟରେ ଆଗାମୀ ଦିନରେ ଆଉ ୪ଟି ନୂଆ ଶୋରୁମ୍ ଖୋଲାଯିବ ବୋଲି କମ୍ପାନୀ ପକ୍ଷରୁ କୁହାଯାଇଛି। ଭୁବନେଶ୍ୱର,୮-୨(ବ୍ୟୁରୋ)-ପ୍ରମୁଖ ସେରାମିକ୍ ଉତ୍ପାଦ ନିର୍ମାତା ସୋମାନୀ ସେରାମିକ୍ ଲିମିଟେଡ୍ ସ୍ଥାନୀୟ ଜାଗମରା ଠାରେ ଏହାର ନୂତନ ଶୋ-ରୁମ୍ ସୋମାନୀ ଷ୍ଟୁଡିଓ ଖୋଲିଛି। ଏହି ଶୋରୁମ୍‌କୁ କମ୍ପାନୀର ସେଲ୍ସ ଆଣ୍ଡ ମାର୍କେଟିଂ ମୁଖ୍ୟ ଉଦ୍‌ଘାଟନ କରିଥିଲେ। ରାଜ୍ୟରେ ଆଗାମୀ ଦିନରେ ଆଉ ୪ଟି ନୂଆ ଶୋରୁମ୍ ଖୋଲାଯିବ ବୋଲି କମ୍ପାନୀ ପକ୍ଷରୁ କୁହାଯାଇଛି। ଭୁବନେଶ୍ୱର,୮-୨(ବ୍ୟୁରୋ)-ପ୍ରମୁଖ ସେରାମିକ୍ ଉତ୍ପାଦ ନିର୍ମାତା ସୋମାନୀ ସେରାମିକ୍ ଲିମିଟେଡ୍ ସ୍ଥାନୀୟ ଜାଗମରା ଠାରେ ଏହାର ନୂତନ ଶୋ-ରୁମ୍ ସୋମାନୀ ଷ୍ଟୁଡିଓ ଖୋଲିଛି। ଏହି ଶୋରୁମ୍‌କୁ କମ୍ପାନୀର ସେଲ୍ସ ଆଣ୍ଡ ମାର୍କେଟିଂ ମୁଖ୍ୟ ଉଦ୍‌ଘାଟନ କରିଥିଲେ। ରାଜ୍ୟରେ ଆଗାମୀ ଦିନରେ ଆଉ ୪ଟି ନୂଆ ଶୋରୁମ୍ ଖୋଲାଯିବ ବୋଲି କମ୍ପାନୀ ପକ୍ଷରୁ କୁହାଯାଇଛି। ଭୁବନେଶ୍ୱର,୮-୨(ବ୍ୟୁରୋ)-ପ୍ରମୁଖ ସେରାମିକ୍ ଉତ୍ପାଦ ନିର୍ମାତା ସୋମାନୀ ସେରାମିକ୍ ଲିମିଟେଡ୍ ସ୍ଥାନୀୟ ଜାଗମରା ଠାରେ ଏହାର ନୂତନ ଶୋ-ରୁମ୍ ସୋମାନୀ ଷ୍ଟୁଡିଓ ଖୋଲିଛି। ଏହି ଶୋରୁମ୍‌କୁ କମ୍ପାନୀର ସେଲ୍ସ ଆଣ୍ଡ ମାର୍କେଟିଂ ମୁଖ୍ୟ ଉଦ୍‌ଘାଟନ କରିଥିଲେ। ରାଜ୍ୟରେ ଆଗାମୀ ଦିନରେ ଆଉ ୪ଟି ନୂଆ ଶୋରୁମ୍ ଖୋଲାଯିବ ବୋଲି କମ୍ପାନୀ ପକ୍ଷରୁ କୁହାଯାଇଛି। ଭୁବନେଶ୍ୱର,୮-୨(ବ୍ୟୁରୋ)-ପ୍ରମୁଖ ସେରାମିକ୍ ଉତ୍ପାଦ ନିର୍ମାତା ସୋମାନୀ ସେରାମିକ୍ ଲିମିଟେଡ୍ ସ୍ଥାନୀୟ ଜାଗମରା ଠାରେ ଏହାର ନୂତନ ଶୋ-ରୁମ୍ ସୋମାନୀ ଷ୍ଟୁଡିଓ ଖୋଲିଛି। ଏହି ଶୋରୁମ୍‌କୁ କମ୍ପାନୀର ସେଲ୍ସ ଆଣ୍ଡ ମାର୍କେଟିଂ ମୁଖ୍ୟ ଉଦ୍‌ଘାଟନ କରିଥିଲେ। ରାଜ୍ୟରେ ଆଗାମୀ ଦିନରେ ଆଉ ୪ଟି ନୂଆ ଶୋରୁମ୍ ଖୋଲାଯିବ ବୋଲି କମ୍ପାନୀ ପକ୍ଷରୁ କୁହାଯାଇଛି। ଭୁବନେଶ୍ୱର,୮-୨(ବ୍ୟୁରୋ)-ପ୍ରମୁଖ ସେରାମିକ୍ ଉତ୍ପାଦ ନିର୍ମାତା ସୋମାନୀ ସେରାମିକ୍ ଲିମିଟେଡ୍ ସ୍ଥାନୀୟ ଜାଗମରା ଠାରେ ଏହାର ନୂତନ ଶୋ-ରୁମ୍ ସୋମାନୀ
ଓଡ଼ିଶାରେ ପ୍ରଚଳିତ ହେଉନାହିଁ ୟେଲୋ ଲାଇନ ବ୍ୟବସ୍ଥା
ଭୁବନେଶ୍ୱର, ୮-୨(ବ୍ୟୁରୋ)- ଜାତୀୟ ରାଜପଥ ଟୋଲ୍ ପ୍ଲାଜାରେ ଗାଡି ଅଧିକ ସମୟ ଛିଡା ହେବାର ନିୟମ ନାହିଁ। ଯେକୌଣସି ମତେ ଟ୍ରାଫିକ୍ କ୍ଲିୟର କରିବାକୁ ହେବ। ପ୍ରଦର୍ଶନ କରିବା ଉଚିତ। ଏ ସମ୍ପର୍କରେ ରାଜ୍ୟ ଟ୍ରକ୍ ମାଲିକ ସଂଘ ସଭାପତି ଦେବବ୍ରତ ନନ୍ଦ କହିଛନ୍ତି, ସମସ୍ୟା ଦେଖାଯାଉଥିଲେ ମଧ୍ୟ ଏଭଳି ବ୍ୟବସ୍ଥା ଏ ରାଜ୍ୟରେ ପ୍ରଚଳିତ ହେଉନାହିଁ। ଭୁବନେଶ୍ୱର, ୮-୨(ବ୍ୟୁରୋ)- ଜାତୀୟ ରାଜପଥ ଟୋଲ୍
ଭୁବନେଶ୍ୱର, ୮-୨(ବ୍ୟୁରୋ)- ଜାତୀୟ ରାଜପଥ ଟୋଲ୍ ପ୍ଲାଜାରେ ଗାଡି ଅଧିକ ସମୟ ଛିଡା ହେବାର ନିୟମ ନାହିଁ। ଯେକୌଣସି ମତେ ଟ୍ରାଫିକ୍ କ୍ଲିୟର କରିବାକୁ ହେବ। ପ୍ରଦର୍ଶନ କରିବା ଉଚିତ। ଏ ସମ୍ପର୍କରେ ରାଜ୍ୟ ଟ୍ରକ୍ ମାଲିକ ସଂଘ ସଭାପତି ଦେବବ୍ରତ ନନ୍ଦ କହିଛନ୍ତି, ସମସ୍ୟା ଦେଖାଯାଉଥିଲେ ମଧ୍ୟ ଏଭଳି ବ୍ୟବସ୍ଥା ଏ ରାଜ୍ୟରେ ପ୍ରଚଳିତ ହେଉନାହିଁ। ଭୁବନେଶ୍ୱର, ୮-୨(ବ୍ୟୁରୋ)- ଜାତୀୟ ରାଜପଥ ଟୋଲ୍ ପ୍ଲାଜାରେ ଗାଡି ଅଧିକ ସମୟ ଛିଡା ହେବାର ନିୟମ ନାହିଁ। ଯେକୌଣସି ମତେ ଟ୍ରାଫିକ୍ କ୍ଲିୟର କରିବାକୁ ହେବ। ପ୍ରଦର୍ଶନ କରିବା ଉଚିତ। ଏ ସମ୍ପର୍କରେ ରାଜ୍ୟ ଟ୍ରକ୍ ମାଲିକ ସଂଘ ସଭାପତି ଦେବବ୍ରତ ନନ୍ଦ କହିଛନ୍ତି, ସମସ୍ୟା ଦେଖାଯାଉଥିଲେ ମଧ୍ୟ ଏଭଳି ବ୍ୟବସ୍ଥା ଏ ରାଜ୍ୟରେ ପ୍ରଚଳିତ ହେଉନାହିଁ। ଭୁବନେଶ୍ୱର, ୮-୨(ବ୍ୟୁରୋ)- ଜାତୀୟ ରାଜପଥ ଟୋଲ୍ ପ୍ଲାଜାରେ ଗାଡି ଅଧିକ ସମୟ ଛିଡା ହେବାର ନିୟମ ନାହିଁ। ଯେକୌଣସି ମତେ ଟ୍ରାଫିକ୍ କ୍ଲିୟର କରିବାକୁ ହେବ। ପ୍ରଦର୍ଶନ କରିବା ଉଚିତ। ଏ ସମ୍ପର୍କରେ ରାଜ୍ୟ ଟ୍ରକ୍ ମାଲିକ ସଂଘ ସଭାପତି ଦେବବ୍ରତ ନନ୍ଦ କହିଛନ୍ତି, ସମସ୍ୟା ଦେଖାଯାଉଥିଲେ ମଧ୍ୟ ଏଭଳି ବ୍ୟବସ୍ଥା ଏ ରାଜ୍ୟରେ ପ୍ରଚଳିତ ହେଉନାହିଁ। ଭୁବନେଶ୍ୱର, ୮-୨(ବ୍ୟୁରୋ)- ଜାତୀୟ ରାଜପଥ ଟୋଲ୍ ପ୍ଲାଜାରେ ଗାଡି ଅଧିକ ସମୟ ଛିଡା ହେବାର ନିୟମ ନାହିଁ। ଯେକୌଣସି ମତେ ଟ୍ରାଫିକ୍ କ୍ଲିୟର କରିବାକୁ ହେବ। ପ୍ରଦର୍ଶନ କରିବା ଉଚିତ। ଏ ସମ୍ପର୍କରେ ରାଜ୍ୟ ଟ୍ରକ୍ ମାଲିକ ସଂଘ ସଭାପତି ଦେବବ୍ରତ ନନ୍ଦ କହିଛନ୍ତି, ସମସ୍ୟା ଦେଖାଯାଉଥିଲେ ମଧ୍ୟ ଏଭଳି ବ୍ୟବସ୍ଥା ଏ ରାଜ୍ୟରେ ପ୍ରଚଳିତ ହେଉନାହିଁ। ଭୁବନେଶ୍ୱର, ୮-୨(ବ୍ୟୁରୋ)- ଜାତୀୟ ରାଜପଥ ଟୋଲ୍ ପ୍ଲାଜାରେ ଗାଡି ଅଧିକ ସମୟ ଛିଡା ହେବାର ନିୟମ ନାହିଁ। ଯେକୌଣସି ମତେ ଟ୍ରାଫିକ୍ କ୍ଲିୟର କରିବାକୁ ହେବ।
ଟୋଲ୍ ପ୍ଲାଜାରେ ଟ୍ରାଫିକ୍ ଭିଡ଼
ଭୁବନେଶ୍ୱର, ୮-୨(ବ୍ୟୁରୋ)- ଜାତୀୟ ରାଜପଥ ଟୋଲ୍ ପ୍ଲାଜାରେ ଗାଡି ଅଧିକ ସମୟ ଛିଡା ହେବାର ନିୟମ ନାହିଁ। ଯେକୌଣସି ମତେ ଟ୍ରାଫିକ୍ କ୍ଲିୟର କରିବାକୁ ହେବ। ପ୍ରଦର୍ଶନ କରିବା ଉଚିତ। ଏ ସମ୍ପର୍କରେ ରାଜ୍ୟ ଟ୍ରକ୍ ମାଲିକ ସଂଘ ସଭାପତି ଦେବବ୍ରତ ନନ୍ଦ କହିଛନ୍ତି, ସମସ୍ୟା ଦେଖାଯାଉଥିଲେ ମଧ୍ୟ ଏଭଳି ବ୍ୟବସ୍ଥା ଏ ରାଜ୍ୟରେ ପ୍ରଚଳିତ
ଭୁବନେଶ୍ୱର, ୮-୨(ବ୍ୟୁରୋ)- ଜାତୀୟ ରାଜପଥ ଟୋଲ୍ ପ୍ଲାଜାରେ ଗାଡି ଅଧିକ ସମୟ ଛିଡା ହେବାର ନିୟମ ନାହିଁ। ଯେକୌଣସି ମତେ ଟ୍ରାଫିକ୍ କ୍ଲିୟର କରିବାକୁ ହେବ। ପ୍ରଦର୍ଶନ କରିବା ଉଚିତ। ଏ ସମ୍ପର୍କରେ ରାଜ୍ୟ ଟ୍ରକ୍ ମାଲିକ ସଂଘ ସଭାପତି ଦେବବ୍ରତ ନନ୍ଦ କହିଛନ୍ତି, ସମସ୍ୟା ଦେଖାଯାଉଥିଲେ ମଧ୍ୟ ଏଭଳି ବ୍ୟବସ୍ଥା ଏ ରାଜ୍ୟରେ ପ୍ରଚଳିତ ହେଉନାହିଁ। ଭୁବନେଶ୍ୱର, ୮-୨(ବ୍ୟୁରୋ)- ଜାତୀୟ ରାଜପଥ ଟୋଲ୍ ପ୍ଲାଜାରେ ଗାଡି ଅଧିକ ସମୟ ଛିଡା ହେବାର ନିୟମ ନାହିଁ। ଯେକୌଣସି ମତେ ଟ୍ରାଫିକ୍ କ୍ଲିୟର କରିବାକୁ ହେବ। ପ୍ରଦର୍ଶନ କରିବା ଉଚିତ। ଏ ସମ୍ପର୍କରେ ରାଜ୍ୟ ଟ୍ରକ୍ ମାଲିକ ସଂଘ ସଭାପତି ଦେବବ୍ରତ ନନ୍ଦ କହିଛନ୍ତି, ସମସ୍ୟା ଦେଖାଯାଉଥିଲେ ମଧ୍ୟ ଏଭଳି ବ୍ୟବସ୍ଥା ଏ ରାଜ୍ୟରେ ପ୍ରଚଳିତ ହେଉନାହିଁ। ଭୁବନେଶ୍ୱର, ୮-୨(ବ୍ୟୁରୋ)- ଜାତୀୟ ରାଜପଥ ଟୋଲ୍ ପ୍ଲାଜାରେ ଗାଡି ଅଧିକ ସମୟ ଛିଡା ହେବାର ନିୟମ ନାହିଁ। ଯେକୌଣସି ମତେ ଟ୍ରାଫିକ୍ କ୍ଲିୟର କରିବାକୁ ହେବ। ପ୍ରଦର୍ଶନ କରିବା ଉଚିତ। ଏ ସମ୍ପର୍କରେ ରାଜ୍ୟ ଟ୍ରକ୍ ମାଲିକ ସଂଘ ସଭାପତି ଦେବବ୍ରତ ନନ୍ଦ କହିଛନ୍ତି, ସମସ୍ୟା ଦେଖାଯାଉଥିଲେ ମଧ୍ୟ ଏଭଳି ବ୍ୟବସ୍ଥା ଏ ରାଜ୍ୟରେ ପ୍ରଚଳିତ ହେଉନାହିଁ। ଭୁବନେଶ୍ୱର, ୮-୨(ବ୍ୟୁରୋ)- ଜାତୀୟ ରାଜପଥ ଟୋଲ୍ ପ୍ଲାଜାରେ ଗାଡି ଅଧିକ ସମୟ ଛିଡା ହେବାର ନିୟମ ନାହିଁ। ଯେକୌଣସି ମତେ ଟ୍ରାଫିକ୍ କ୍ଲିୟର କରିବାକୁ ହେବ। ପ୍ରଦର୍ଶନ କରିବା ଉଚିତ। ଏ ସମ୍ପର୍କରେ ରାଜ୍ୟ ଟ୍ରକ୍ ମାଲିକ ସଂଘ
●●●●	●●●●	●●●●
